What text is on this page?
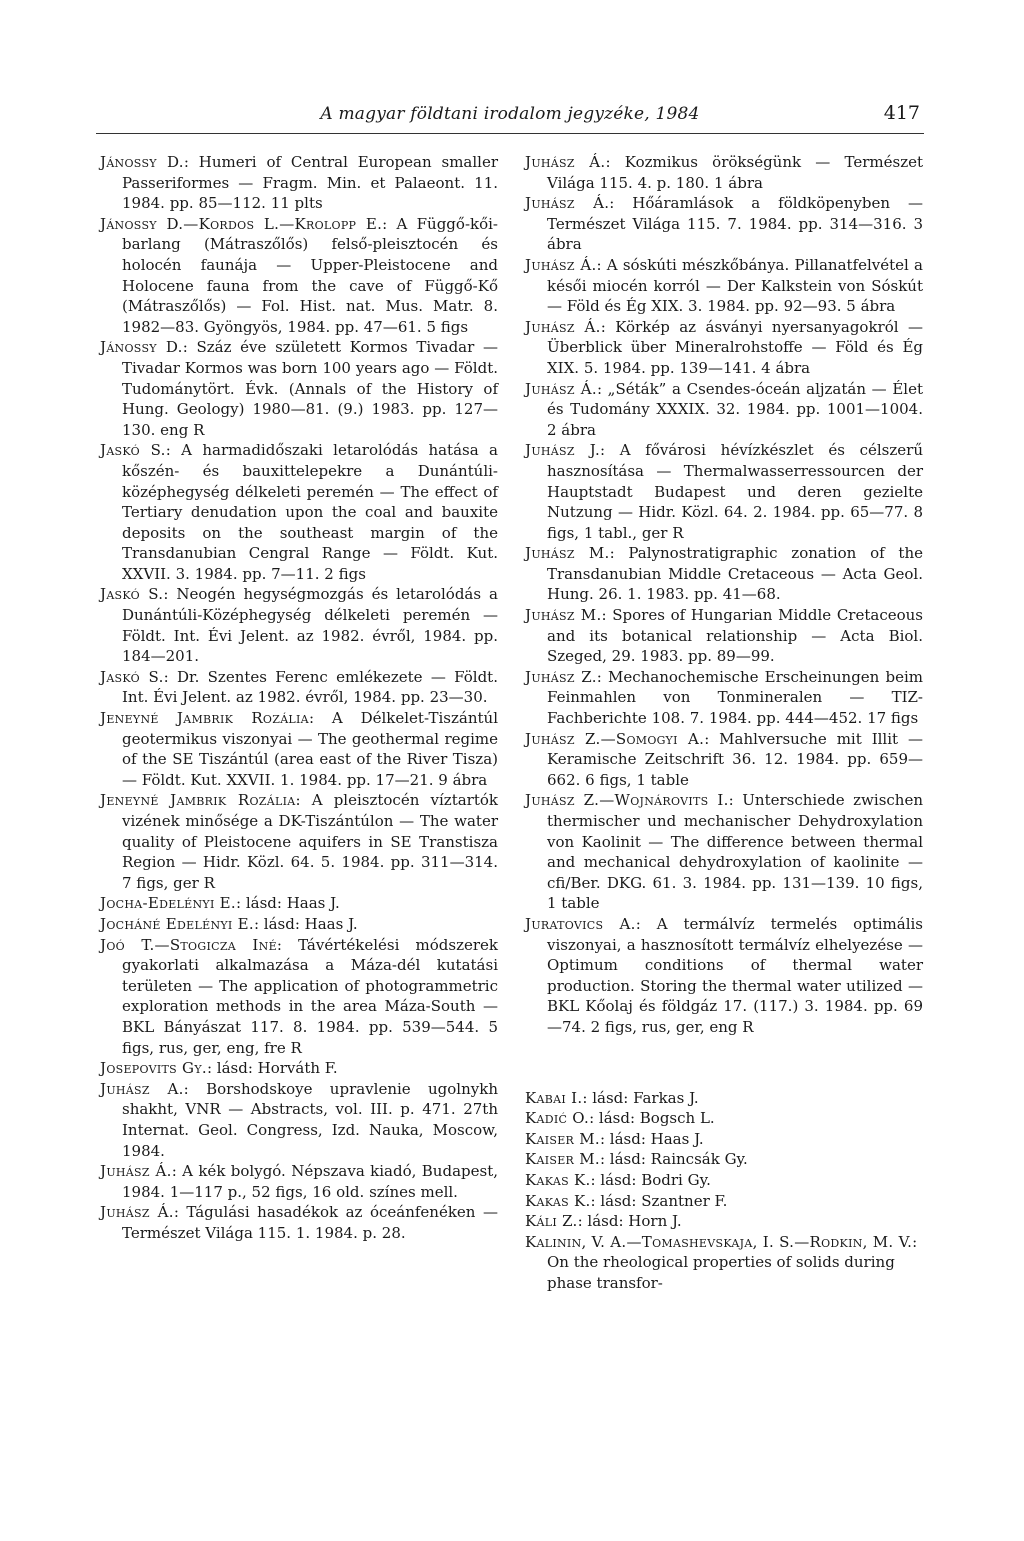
A magyar földtani irodalom jegyzéke, 1984	417
Jánossy D.: Humeri of Central European smaller Passeriformes — Fragm. Min. et Palaeont. 11. 1984. pp. 85—112. 11 plts
Jánossy D.—Kordos L.—Krolopp E.: A Függő-kői-barlang (Mátraszőlős) felső-pleisztocén és holocén faunája — Upper-Pleistocene and Holocene fauna from the cave of Függő-Kő (Mátraszőlős) — Fol. Hist. nat. Mus. Matr. 8. 1982—83. Gyöngyös, 1984. pp. 47—61. 5 figs
Jánossy D.: Száz éve született Kormos Tivadar — Tivadar Kormos was born 100 years ago — Földt. Tudománytört. Évk. (Annals of the History of Hung. Geology) 1980—81. (9.) 1983. pp. 127—130. eng R
Jaskó S.: A harmadidőszaki letarolódás hatása a kőszén- és bauxittelepekre a Dunántúli-középhegység délkeleti peremén — The effect of Tertiary denudation upon the coal and bauxite deposits on the southeast margin of the Transdanubian Cengral Range — Földt. Kut. XXVII. 3. 1984. pp. 7—11. 2 figs
Jaskó S.: Neogén hegységmozgás és letarolódás a Dunántúli-Középhegység délkeleti peremén — Földt. Int. Évi Jelent. az 1982. évről, 1984. pp. 184—201.
Jaskó S.: Dr. Szentes Ferenc emlékezete — Földt. Int. Évi Jelent. az 1982. évről, 1984. pp. 23—30.
Jeneyné Jambrik Rozália: A Délkelet-Tiszántúl geotermikus viszonyai — The geothermal regime of the SE Tiszántúl (area east of the River Tisza) — Földt. Kut. XXVII. 1. 1984. pp. 17—21. 9 ábra
Jeneyné Jambrik Rozália: A pleisztocén víztartók vizének minősége a DK-Tiszántúlon — The water quality of Pleistocene aquifers in SE Transtisza Region — Hidr. Közl. 64. 5. 1984. pp. 311—314. 7 figs, ger R
Jocha-Edelényi E.: lásd: Haas J.
Jocháné Edelényi E.: lásd: Haas J.
Joó T.—Stogicza Iné: Távértékelési módszerek gyakorlati alkalmazása a Máza-dél kutatási területen — The application of photogrammetric exploration methods in the area Máza-South — BKL Bányászat 117. 8. 1984. pp. 539—544. 5 figs, rus, ger, eng, fre R
Josepovits Gy.: lásd: Horváth F.
Juhász A.: Borshodskoye upravlenie ugolnykh shakht, VNR — Abstracts, vol. III. p. 471. 27th Internat. Geol. Congress, Izd. Nauka, Moscow, 1984.
Juhász Á.: A kék bolygó. Népszava kiadó, Budapest, 1984. 1—117 p., 52 figs, 16 old. színes mell.
Juhász Á.: Tágulási hasadékok az óceánfenéken — Természet Világa 115. 1. 1984. p. 28.
Juhász Á.: Kozmikus örökségünk — Természet Világa 115. 4. p. 180. 1 ábra
Juhász Á.: Hőáramlások a földköpenyben — Természet Világa 115. 7. 1984. pp. 314—316. 3 ábra
Juhász Á.: A sóskúti mészkőbánya. Pillanatfelvétel a késői miocén korról — Der Kalkstein von Sóskút — Föld és Ég XIX. 3. 1984. pp. 92—93. 5 ábra
Juhász Á.: Körkép az ásványi nyersanyagokról — Überblick über Mineralrohstoffe — Föld és Ég XIX. 5. 1984. pp. 139—141. 4 ábra
Juhász Á.: „Séták” a Csendes-óceán aljzatán — Élet és Tudomány XXXIX. 32. 1984. pp. 1001—1004. 2 ábra
Juhász J.: A fővárosi hévízkészlet és célszerű hasznosítása — Thermalwasserressourcen der Hauptstadt Budapest und deren gezielte Nutzung — Hidr. Közl. 64. 2. 1984. pp. 65—77. 8 figs, 1 tabl., ger R
Juhász M.: Palynostratigraphic zonation of the Transdanubian Middle Cretaceous — Acta Geol. Hung. 26. 1. 1983. pp. 41—68.
Juhász M.: Spores of Hungarian Middle Cretaceous and its botanical relationship — Acta Biol. Szeged, 29. 1983. pp. 89—99.
Juhász Z.: Mechanochemische Erscheinungen beim Feinmahlen von Tonmineralen — TIZ-Fachberichte 108. 7. 1984. pp. 444—452. 17 figs
Juhász Z.—Somogyi A.: Mahlversuche mit Illit — Keramische Zeitschrift 36. 12. 1984. pp. 659—662. 6 figs, 1 table
Juhász Z.—Wojnárovits I.: Unterschiede zwischen thermischer und mechanischer Dehydroxylation von Kaolinit — The difference between thermal and mechanical dehydroxylation of kaolinite — cfi/Ber. DKG. 61. 3. 1984. pp. 131—139. 10 figs, 1 table
Juratovics A.: A termálvíz termelés optimális viszonyai, a hasznosított termálvíz elhelyezése — Optimum conditions of thermal water production. Storing the thermal water utilized — BKL Kőolaj és földgáz 17. (117.) 3. 1984. pp. 69—74. 2 figs, rus, ger, eng R
Kabai I.: lásd: Farkas J.
Kadić O.: lásd: Bogsch L.
Kaiser M.: lásd: Haas J.
Kaiser M.: lásd: Raincsák Gy.
Kakas K.: lásd: Bodri Gy.
Kakas K.: lásd: Szantner F.
Káli Z.: lásd: Horn J.
Kalinin, V. A.—Tomashevskaja, I. S.—Rodkin, M. V.: On the rheological properties of solids during phase transfor-
